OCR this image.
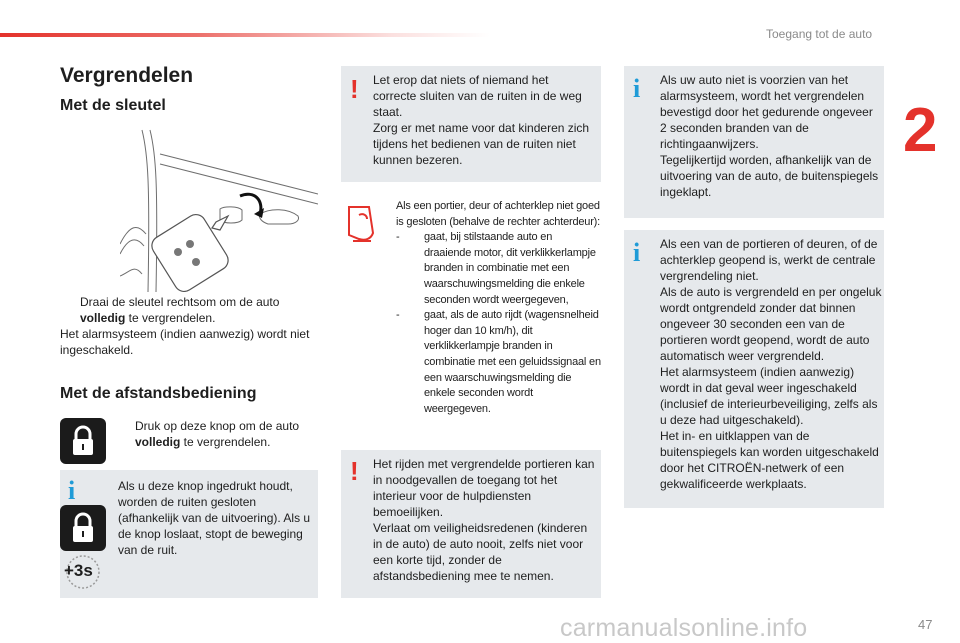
Toegang tot de auto
2
Vergrendelen
Met de sleutel
Draai de sleutel rechtsom om de auto
volledig te vergrendelen.
Het alarmsysteem (indien aanwezig) wordt niet ingeschakeld.
Met de afstandsbediening
Druk op deze knop om de auto
volledig te vergrendelen.
i
+3s
Als u deze knop ingedrukt houdt, worden de ruiten gesloten (afhankelijk van de uitvoering). Als u de knop loslaat, stopt de beweging van de ruit.
! Let erop dat niets of niemand het correcte sluiten van de ruiten in de weg staat.
Zorg er met name voor dat kinderen zich tijdens het bedienen van de ruiten niet kunnen bezeren.
Als een portier, deur of achterklep niet goed is gesloten (behalve de rechter achterdeur):
- gaat, bij stilstaande auto en draaiende motor, dit verklikkerlampje branden in combinatie met een waarschuwingsmelding die enkele seconden wordt weergegeven,
- gaat, als de auto rijdt (wagensnelheid hoger dan 10 km/h), dit verklikkerlampje branden in combinatie met een geluidssignaal en een waarschuwingsmelding die enkele seconden wordt weergegeven.
! Het rijden met vergrendelde portieren kan in noodgevallen de toegang tot het interieur voor de hulpdiensten bemoeilijken.
Verlaat om veiligheidsredenen (kinderen in de auto) de auto nooit, zelfs niet voor een korte tijd, zonder de afstandsbediening mee te nemen.
i Als uw auto niet is voorzien van het alarmsysteem, wordt het vergrendelen bevestigd door het gedurende ongeveer 2 seconden branden van de richtingaanwijzers.
Tegelijkertijd worden, afhankelijk van de uitvoering van de auto, de buitenspiegels ingeklapt.
i Als een van de portieren of deuren, of de achterklep geopend is, werkt de centrale vergrendeling niet.
Als de auto is vergrendeld en per ongeluk wordt ontgrendeld zonder dat binnen ongeveer 30 seconden een van de portieren wordt geopend, wordt de auto automatisch weer vergrendeld.
Het alarmsysteem (indien aanwezig) wordt in dat geval weer ingeschakeld (inclusief de interieurbeveiliging, zelfs als u deze had uitgeschakeld).
Het in- en uitklappen van de buitenspiegels kan worden uitgeschakeld door het CITROËN-netwerk of een gekwalificeerde werkplaats.
carmanualsonline.info	47
